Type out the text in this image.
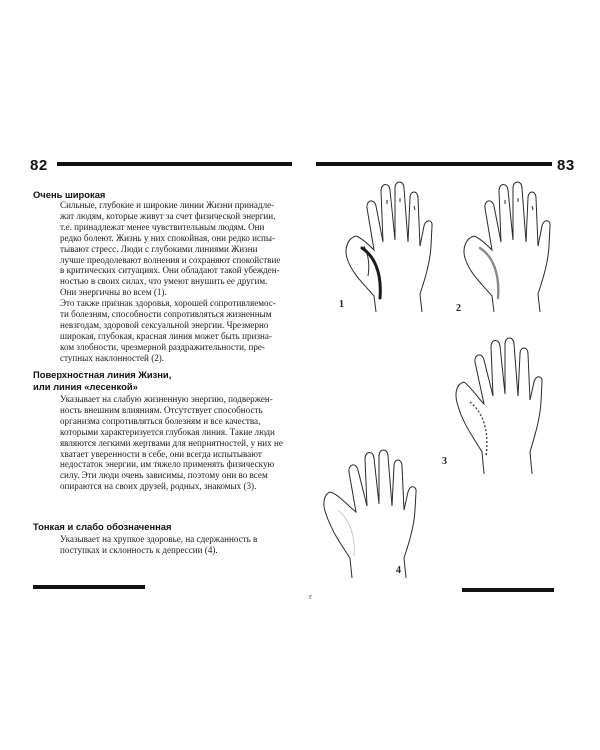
82
Очень широкая
Сильные, глубокие и широкие линии Жизни принадле-
жат людям, которые живут за счет физической энергии,
т.е. принадлежат менее чувствительным людям. Они
редко болеют. Жизнь у них спокойная, они редко испы-
тывают стресс. Люди с глубокими линиями Жизни
лучше преодолевают волнения и сохраняют спокойствие
в критических ситуациях. Они обладают такой убежден-
ностью в своих силах, что умеют внушить ее другим.
Они энергичны во всем (1).
Это также признак здоровья, хорошей сопротивляемос-
ти болезням, способности сопротивляться жизненным
невзгодам, здоровой сексуальной энергии. Чрезмерно
широкая, глубокая, красная линия может быть призна-
ком злобности, чрезмерной раздражительности, пре-
ступных наклонностей (2).
Поверхностная линия Жизни,
или линия «лесенкой»
Указывает на слабую жизненную энергию, подвержен-
ность внешним влияниям. Отсутствует способность
организма сопротивляться болезням и все качества,
которыми характеризуется глубокая линия. Такие люди
являются легкими жертвами для неприятностей, у них не
хватает уверенности в себе, они всегда испытывают
недостаток энергии, им тяжело применять физическую
силу. Эти люди очень зависимы, поэтому они во всем
опираются на своих друзей, родных, знакомых (3).
Тонкая и слабо обозначенная
Указывает на хрупкое здоровье, на сдержанность в
поступках и склонность к депрессии (4).
г
83
1	2
3
4
